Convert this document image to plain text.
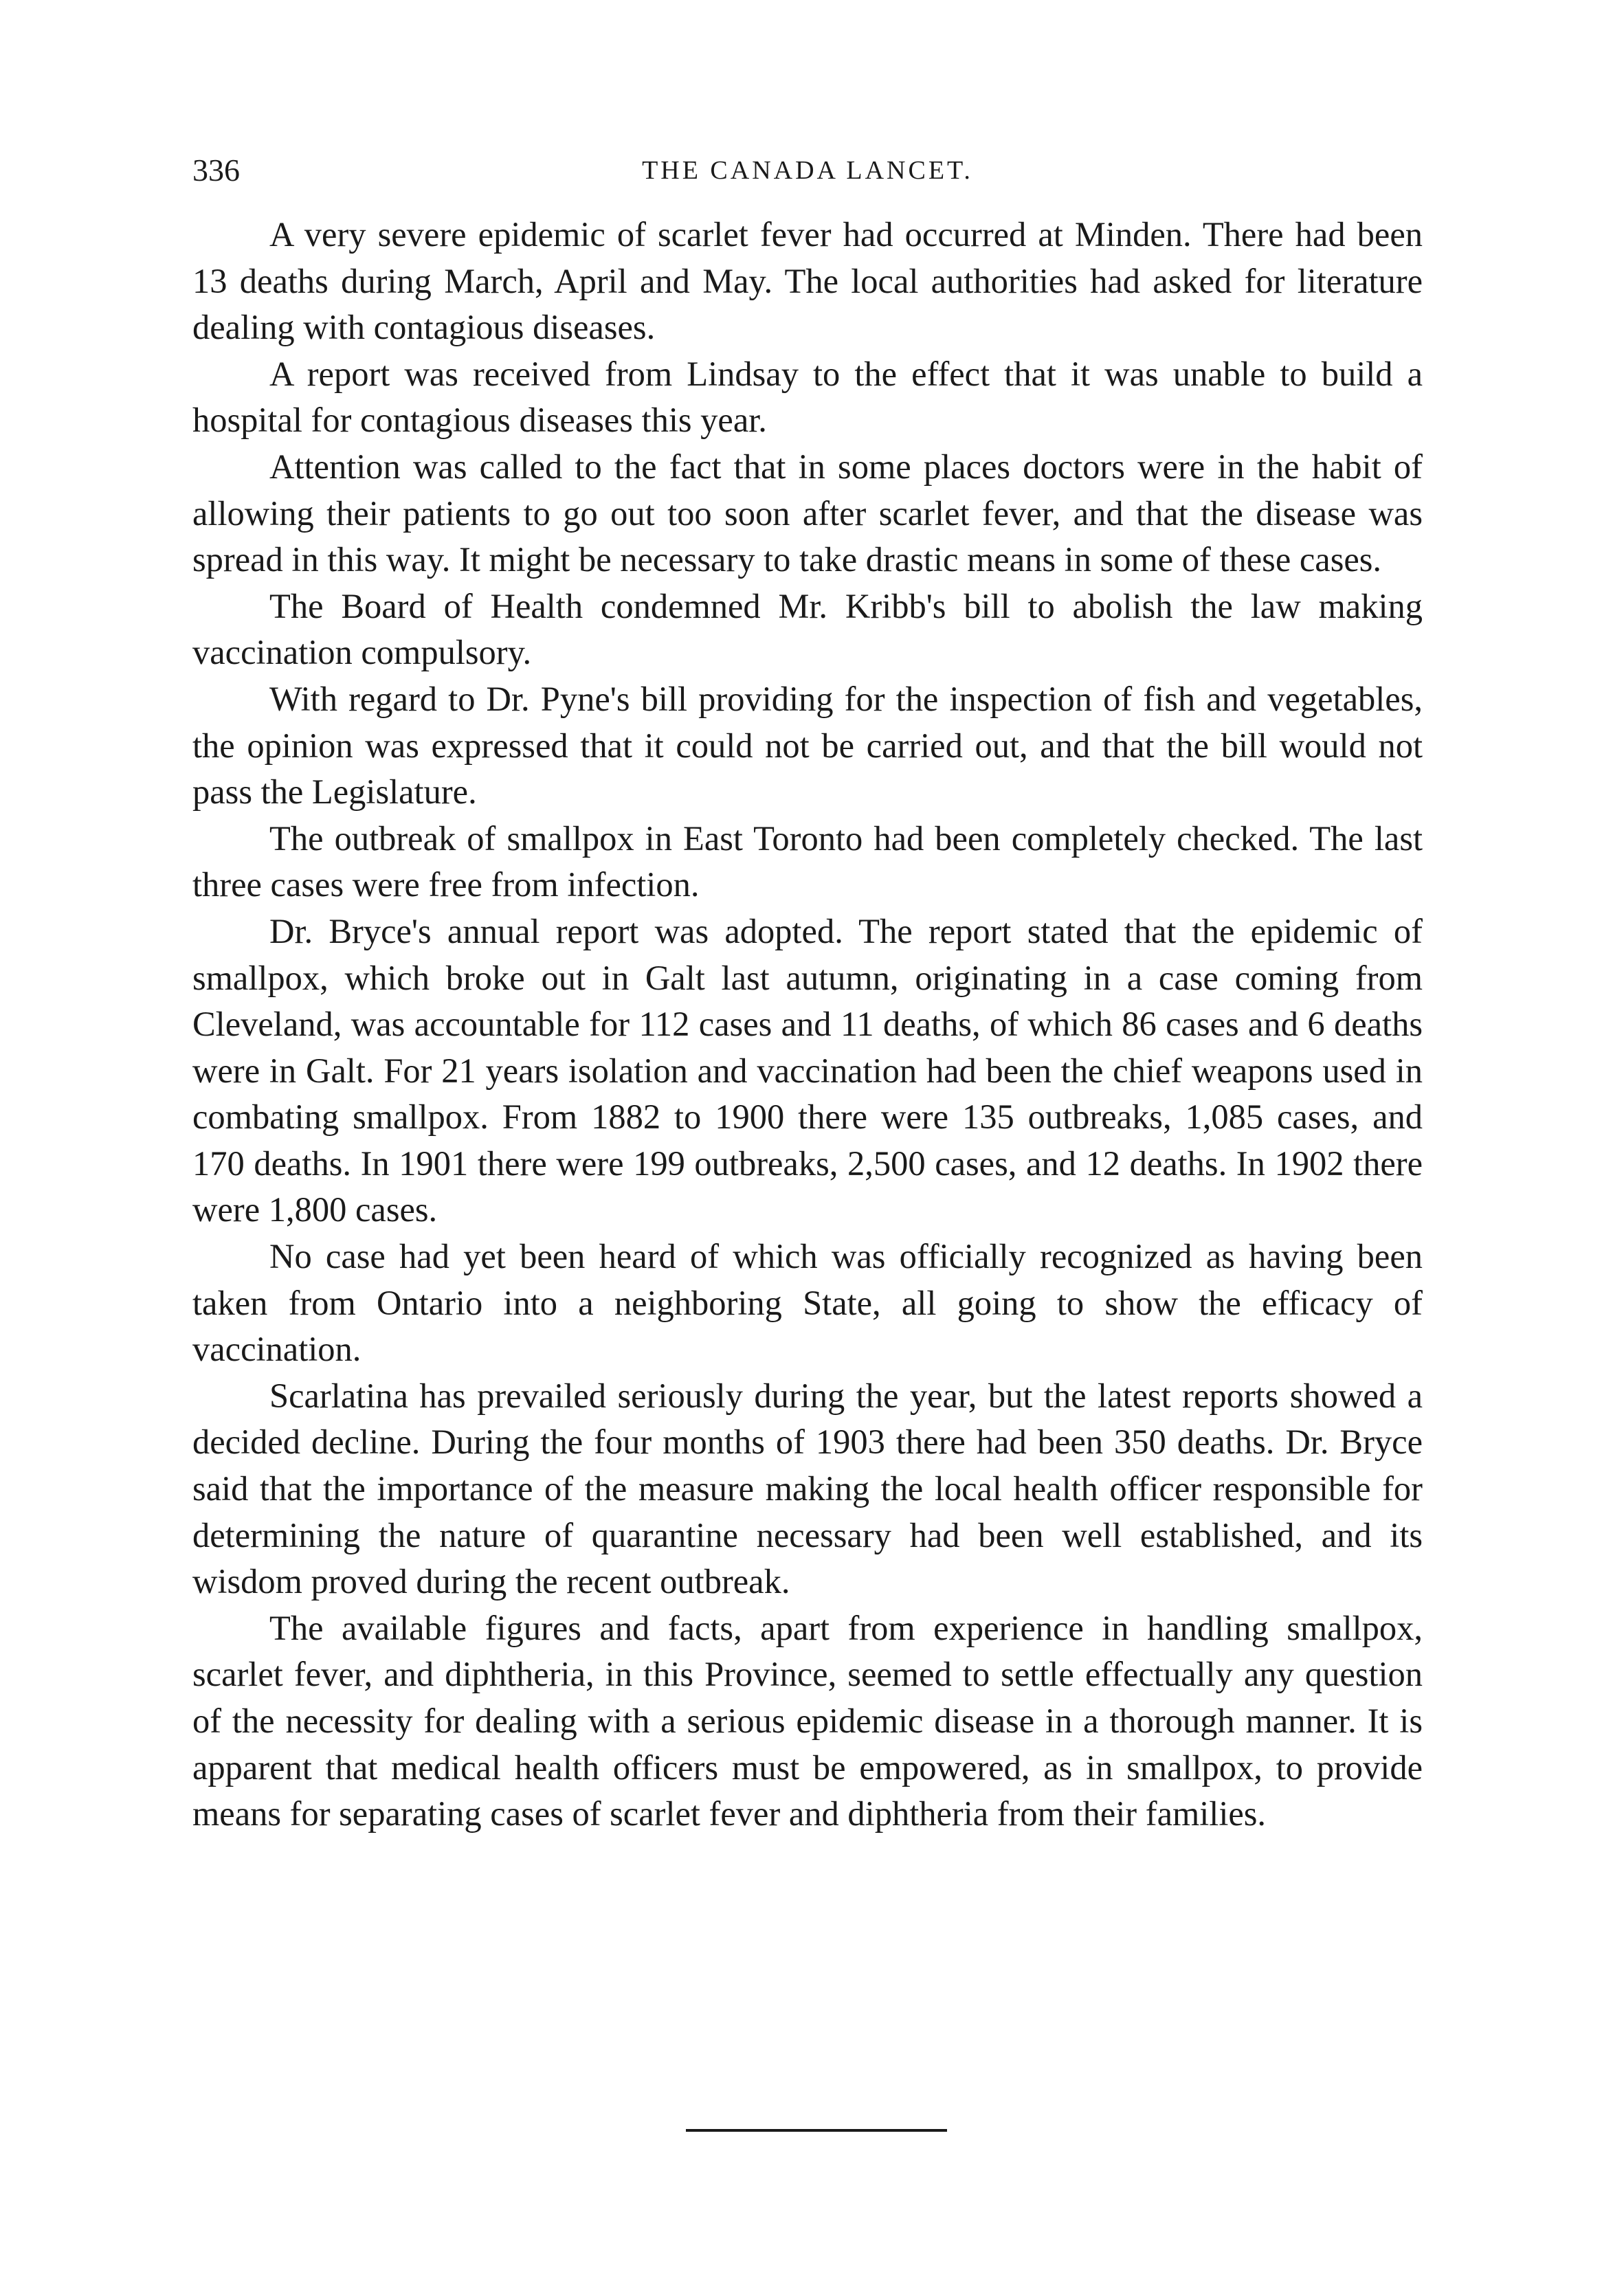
336	THE CANADA LANCET.

A very severe epidemic of scarlet fever had occurred at Minden. There had been 13 deaths during March, April and May. The local authorities had asked for literature dealing with contagious diseases.

A report was received from Lindsay to the effect that it was unable to build a hospital for contagious diseases this year.

Attention was called to the fact that in some places doctors were in the habit of allowing their patients to go out too soon after scarlet fever, and that the disease was spread in this way. It might be necessary to take drastic means in some of these cases.

The Board of Health condemned Mr. Kribb's bill to abolish the law making vaccination compulsory.

With regard to Dr. Pyne's bill providing for the inspection of fish and vegetables, the opinion was expressed that it could not be carried out, and that the bill would not pass the Legislature.

The outbreak of smallpox in East Toronto had been completely checked. The last three cases were free from infection.

Dr. Bryce's annual report was adopted. The report stated that the epidemic of smallpox, which broke out in Galt last autumn, originating in a case coming from Cleveland, was accountable for 112 cases and 11 deaths, of which 86 cases and 6 deaths were in Galt. For 21 years isolation and vaccination had been the chief weapons used in combating smallpox. From 1882 to 1900 there were 135 outbreaks, 1,085 cases, and 170 deaths. In 1901 there were 199 outbreaks, 2,500 cases, and 12 deaths. In 1902 there were 1,800 cases.

No case had yet been heard of which was officially recognized as having been taken from Ontario into a neighboring State, all going to show the efficacy of vaccination.

Scarlatina has prevailed seriously during the year, but the latest reports showed a decided decline. During the four months of 1903 there had been 350 deaths. Dr. Bryce said that the importance of the measure making the local health officer responsible for determining the nature of quarantine necessary had been well established, and its wisdom proved during the recent outbreak.

The available figures and facts, apart from experience in handling smallpox, scarlet fever, and diphtheria, in this Province, seemed to settle effectually any question of the necessity for dealing with a serious epidemic disease in a thorough manner. It is apparent that medical health officers must be empowered, as in smallpox, to provide means for separating cases of scarlet fever and diphtheria from their families.
